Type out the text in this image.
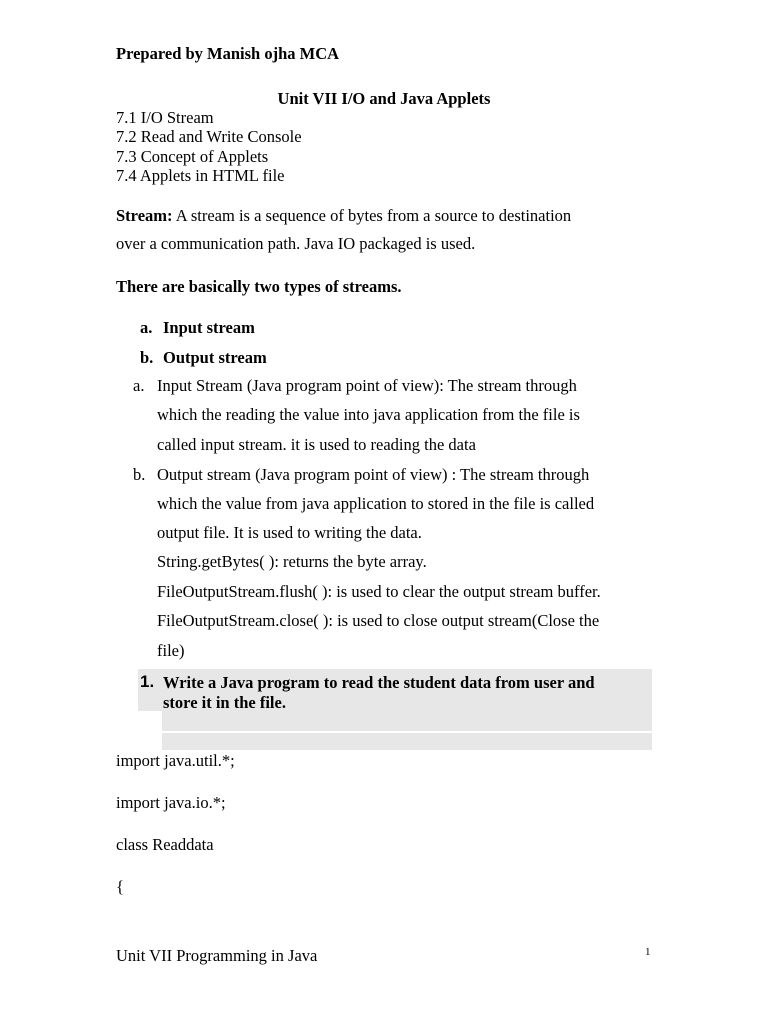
Prepared by Manish ojha MCA
Unit VII I/O and Java Applets
7.1 I/O Stream
7.2 Read and Write Console
7.3 Concept of Applets
7.4 Applets in HTML file
Stream: A stream is a sequence of bytes from a source to destination
over a communication path. Java IO packaged is used.
There are basically two types of streams.
a. Input stream
b. Output stream
a. Input Stream (Java program point of view): The stream through
which the reading the value into java application from the file is
called input stream. it is used to reading the data
b. Output stream (Java program point of view) : The stream through
which the value from java application to stored in the file is called
output file. It is used to writing the data.
String.getBytes( ): returns the byte array.
FileOutputStream.flush( ): is used to clear the output stream buffer.
FileOutputStream.close( ): is used to close output stream(Close the
file)
1. Write a Java program to read the student data from user and
store it in the file.
import java.util.*;
import java.io.*;
class Readdata
{
Unit VII Programming in Java	1
